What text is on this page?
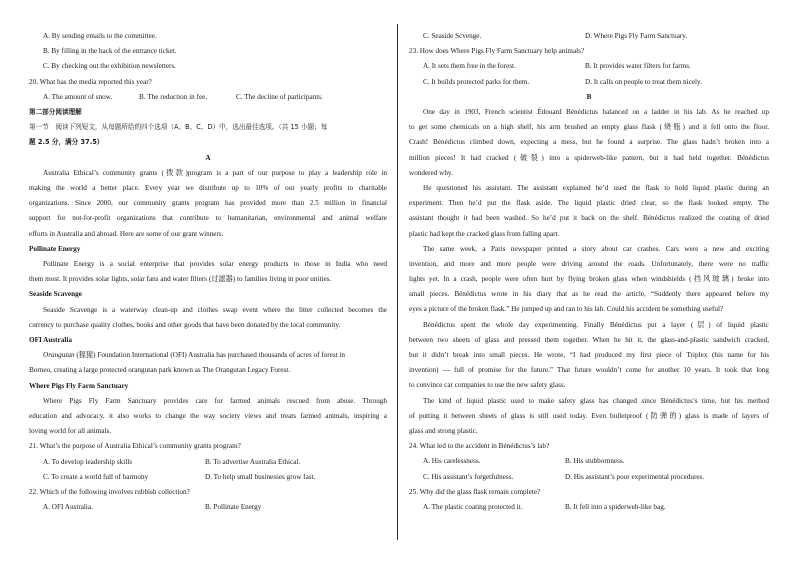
A. By sending emails to the committee.
B. By filling in the back of the entrance ticket.
C. By checking out the exhibition newsletters.
20. What has the media reported this year?
A. The amount of snow.	B. The reduction in fee.	C. The decline of participants.
第二部分阅读理解
第一节　阅读下列短文，从每题所给的四个选项（A、B、C、D）中，选出最佳选项。（共 15 小题；每
题 2.5 分，满分 37.5）
A
Australia Ethical’s community grants (拨款)program is a part of our purpose to play a leadership role in
making the world a better place. Every year we distribute up to 10% of our yearly profits to charitable
organizations. Since 2000, our community grants program has provided more than 2.5 million in financial
support for not-for-profit organizations that contribute to humanitarian, environmental and animal welfare
efforts in Australia and abroad. Here are some of our grant winners.
Pollinate Energy
Pollinate Energy is a social enterprise that provides solar energy products to those in India who need
them most. It provides solar lights, solar fans and water filters (过滤器) to families living in poor unities.
Seaside Scavenge
Seaside Scavenge is a waterway clean-up and clothes swap event where the litter collected becomes the
currency to purchase quality clothes, books and other goods that have been donated by the local community.
OFI Australia
Orangutan (猩猩) Foundation International (OFI) Australia has purchased thousands of acres of forest in
Borneo, creating a large protected orangutan park known as The Orangutan Legacy Forest.
Where Pigs Fly Farm Sanctuary
Where Pigs Fly Farm Sanctuary provides care for farmed animals rescued from abuse. Through
education and advocacy, it also works to change the way society views and treats farmed animals, inspiring a
loving world for all animals.
21. What’s the purpose of Australia Ethical’s community grants program?
A. To develop leadership skills	B. To advertise Australia Ethical.
C. To create a world full of harmony	D. To help small businesses grow fast.
22. Which of the following involves rubbish collection?
A. OFI Australia.	B. Pollinate Energy
C. Seaside Scvenge.	D. Where Pigs Fly Farm Sanctuary.
23. How does Where Pigs Fly Farm Sanctuary help animals?
A. It sets them free in the forest.	B. It provides water filters for farms.
C. It builds protected parks for them.	D. It calls on people to treat them nicely.
B
One day in 1903, French scientist Édouard Bénédictus balanced on a ladder in his lab. As he reached up
to get some chemicals on a high shelf, his arm brushed an empty glass flask (烧瓶) and it fell onto the floor.
Crash! Bénédictus climbed down, expecting a mess, but he found a surprise. The glass hadn’t broken into a
million pieces! It had cracked (破裂) into a spiderweb-like pattern, but it had held together. Bénédictus
wondered why.
He questioned his assistant. The assistant explained he’d used the flask to hold liquid plastic during an
experiment. Then he’d put the flask aside. The liquid plastic dried clear, so the flask looked empty. The
assistant thought it had been washed. So he’d put it back on the shelf. Bénédictus realized the coating of dried
plastic had kept the cracked glass from falling apart.
The same week, a Paris newspaper printed a story about car crashes. Cars were a new and exciting
invention, and more and more people were driving around the roads. Unfortunately, there were no traffic
lights yet. In a crash, people were often hurt by flying broken glass when windshields (挡风玻璃) broke into
small pieces. Bénédictus wrote in his diary that as he read the article, “Suddenly there appeared before my
eyes a picture of the broken flask.” He jumped up and ran to his lab. Could his accident be something useful?
Bénédictus spent the whole day experimenting. Finally Bénédictus put a layer (层) of liquid plastic
between two sheets of glass and pressed them together. When he hit it, the glass-and-plastic sandwich cracked,
but it didn’t break into small pieces. He wrote, “I had produced my first piece of Triplex (his name for his
invention) --- full of promise for the future.” That future wouldn’t come for another 10 years. It took that long
to convince car companies to use the new safety glass.
The kind of liquid plastic used to make safety glass has changed since Bénédictus’s time, but his method
of putting it between sheets of glass is still used today. Even bulletproof (防弹的) glass is made of layers of
glass and strong plastic.
24. What led to the accident in Bénédictus’s lab?
A. His carelessness.	B. His stubbornness.
C. His assistant’s forgetfulness.	D. His assistant’s poor experimental procedures.
25. Why did the glass flask remain complete?
A. The plastic coating protected it.	B. It fell into a spiderweb-like bag.
